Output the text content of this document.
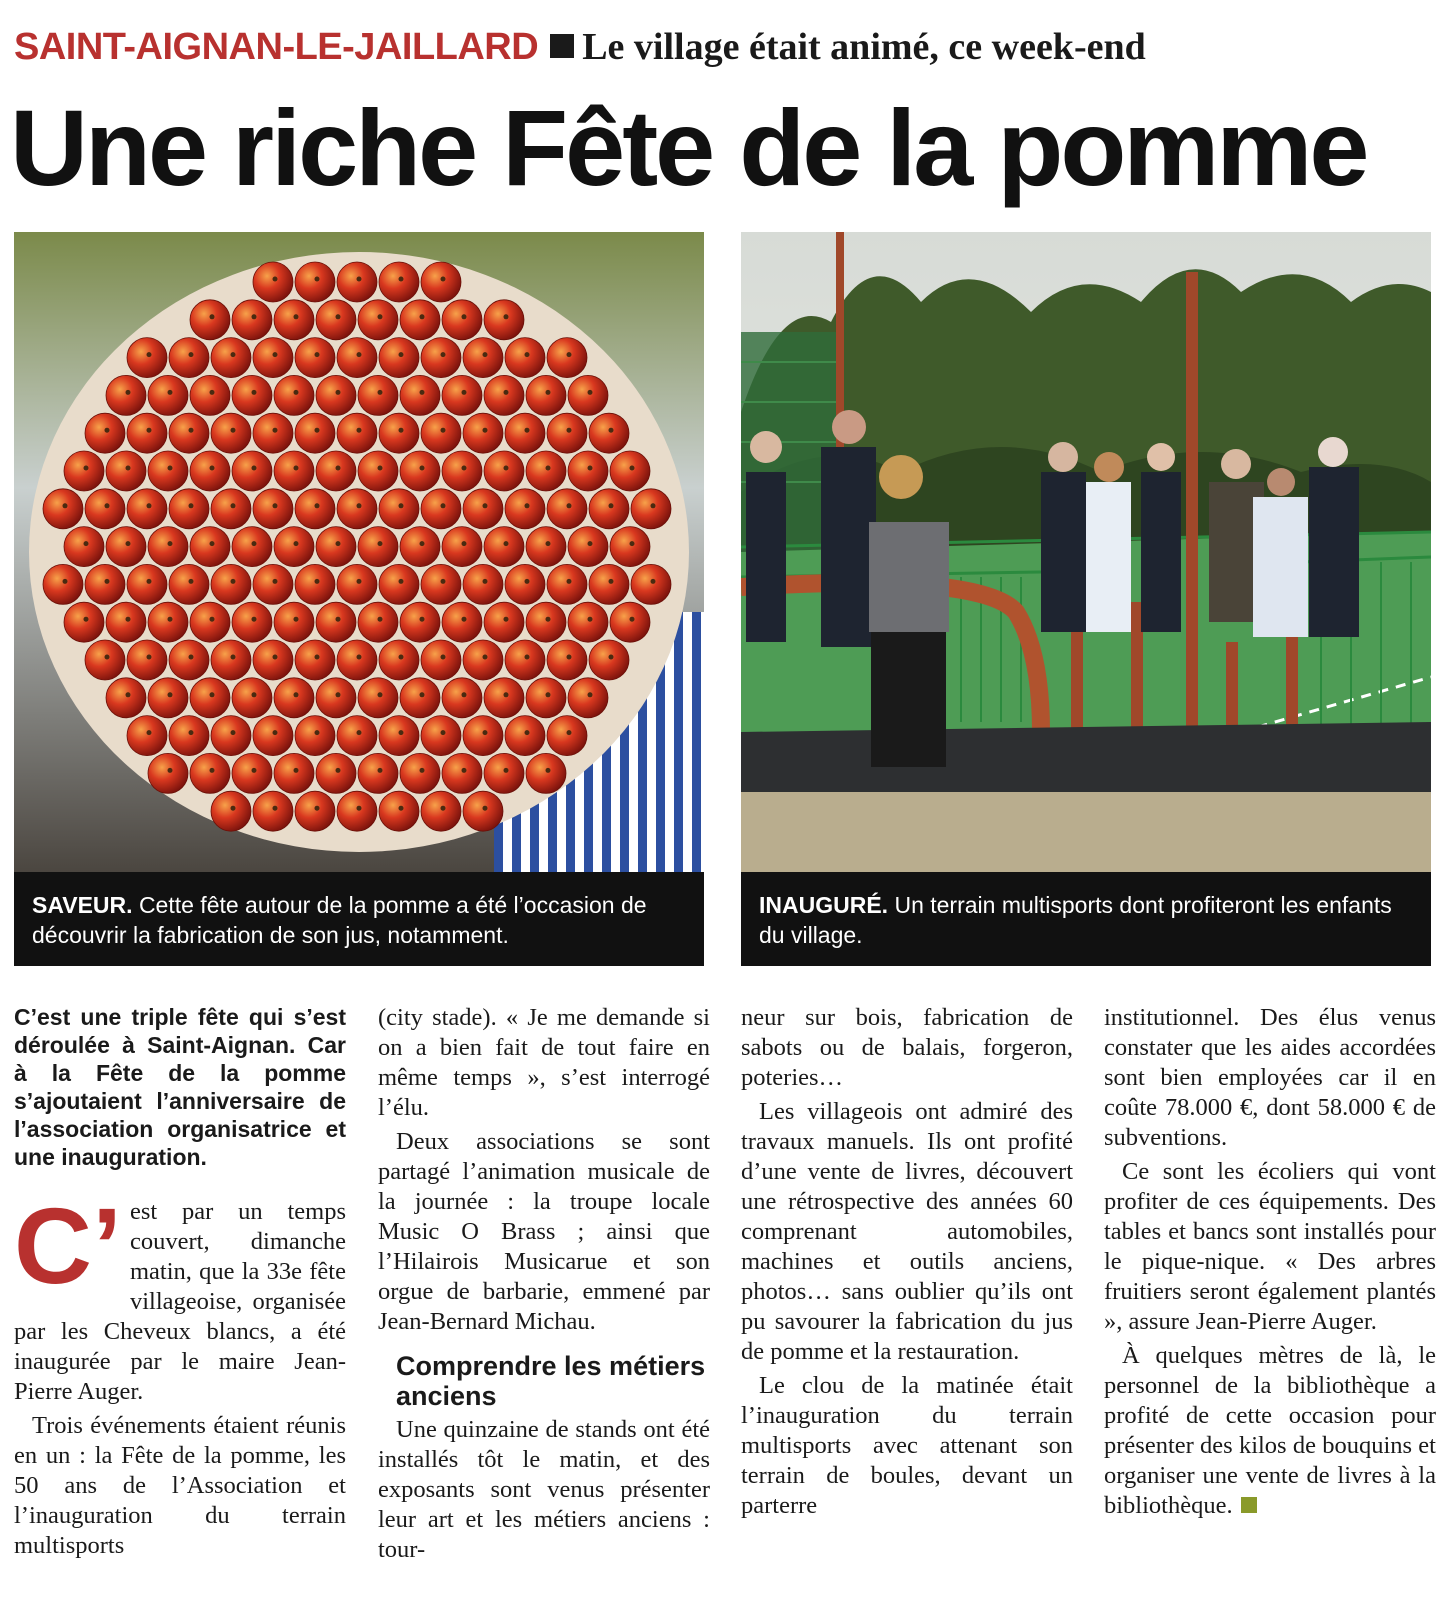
SAINT-AIGNAN-LE-JAILLARD Le village était animé, ce week-end
Une riche Fête de la pomme
SAVEUR. Cette fête autour de la pomme a été l’occasion de découvrir la fabrication de son jus, notamment.
INAUGURÉ. Un terrain multisports dont profiteront les enfants du village.

C’est une triple fête qui s’est déroulée à Saint-Aignan. Car à la Fête de la pomme s’ajoutaient l’anniversaire de l’association organisatrice et une inauguration.

C’ est par un temps couvert, dimanche matin, que la 33e fête villageoise, organisée par les Cheveux blancs, a été inaugurée par le maire Jean-Pierre Auger.

Trois événements étaient réunis en un : la Fête de la pomme, les 50 ans de l’Association et l’inauguration du terrain multisports

(city stade). « Je me demande si on a bien fait de tout faire en même temps », s’est interrogé l’élu.

Deux associations se sont partagé l’animation musicale de la journée : la troupe locale Music O Brass ; ainsi que l’Hilairois Musicarue et son orgue de barbarie, emmené par Jean-Bernard Michau.

Comprendre les métiers anciens

Une quinzaine de stands ont été installés tôt le matin, et des exposants sont venus présenter leur art et les métiers anciens : tour-

neur sur bois, fabrication de sabots ou de balais, forgeron, poteries…

Les villageois ont admiré des travaux manuels. Ils ont profité d’une vente de livres, découvert une rétrospective des années 60 comprenant automobiles, machines et outils anciens, photos… sans oublier qu’ils ont pu savourer la fabrication du jus de pomme et la restauration.

Le clou de la matinée était l’inauguration du terrain multisports avec attenant son terrain de boules, devant un parterre

institutionnel. Des élus venus constater que les aides accordées sont bien employées car il en coûte 78.000 €, dont 58.000 € de subventions.

Ce sont les écoliers qui vont profiter de ces équipements. Des tables et bancs sont installés pour le pique-nique. « Des arbres fruitiers seront également plantés », assure Jean-Pierre Auger.

À quelques mètres de là, le personnel de la bibliothèque a profité de cette occasion pour présenter des kilos de bouquins et organiser une vente de livres à la bibliothèque.
